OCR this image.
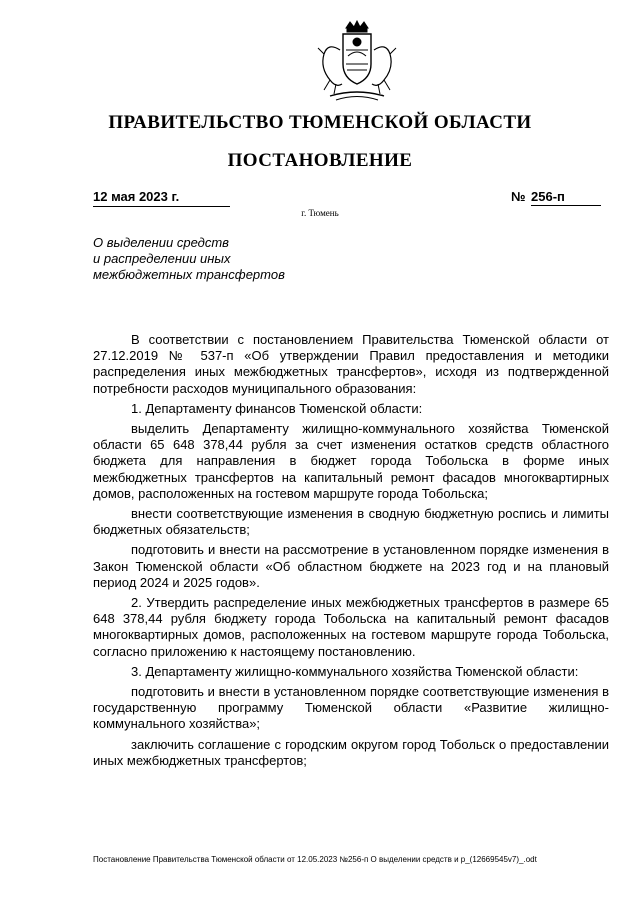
ПРАВИТЕЛЬСТВО ТЮМЕНСКОЙ ОБЛАСТИ
ПОСТАНОВЛЕНИЕ
12 мая 2023 г.	№ 256-п
г. Тюмень
О выделении средств
и распределении иных
межбюджетных трансфертов

В соответствии с постановлением Правительства Тюменской области от 27.12.2019 № 537-п «Об утверждении Правил предоставления и методики распределения иных межбюджетных трансфертов», исходя из подтвержденной потребности расходов муниципального образования:

1. Департаменту финансов Тюменской области:

выделить Департаменту жилищно-коммунального хозяйства Тюменской области 65 648 378,44 рубля за счет изменения остатков средств областного бюджета для направления в бюджет города Тобольска в форме иных межбюджетных трансфертов на капитальный ремонт фасадов многоквартирных домов, расположенных на гостевом маршруте города Тобольска;

внести соответствующие изменения в сводную бюджетную роспись и лимиты бюджетных обязательств;

подготовить и внести на рассмотрение в установленном порядке изменения в Закон Тюменской области «Об областном бюджете на 2023 год и на плановый период 2024 и 2025 годов».

2. Утвердить распределение иных межбюджетных трансфертов в размере 65 648 378,44 рубля бюджету города Тобольска на капитальный ремонт фасадов многоквартирных домов, расположенных на гостевом маршруте города Тобольска, согласно приложению к настоящему постановлению.

3. Департаменту жилищно-коммунального хозяйства Тюменской области:

подготовить и внести в установленном порядке соответствующие изменения в государственную программу Тюменской области «Развитие жилищно-коммунального хозяйства»;

заключить соглашение с городским округом город Тобольск о предоставлении иных межбюджетных трансфертов;

Постановление Правительства Тюменской области от 12.05.2023 №256-п О выделении средств и р_(12669545v7)_.odt
